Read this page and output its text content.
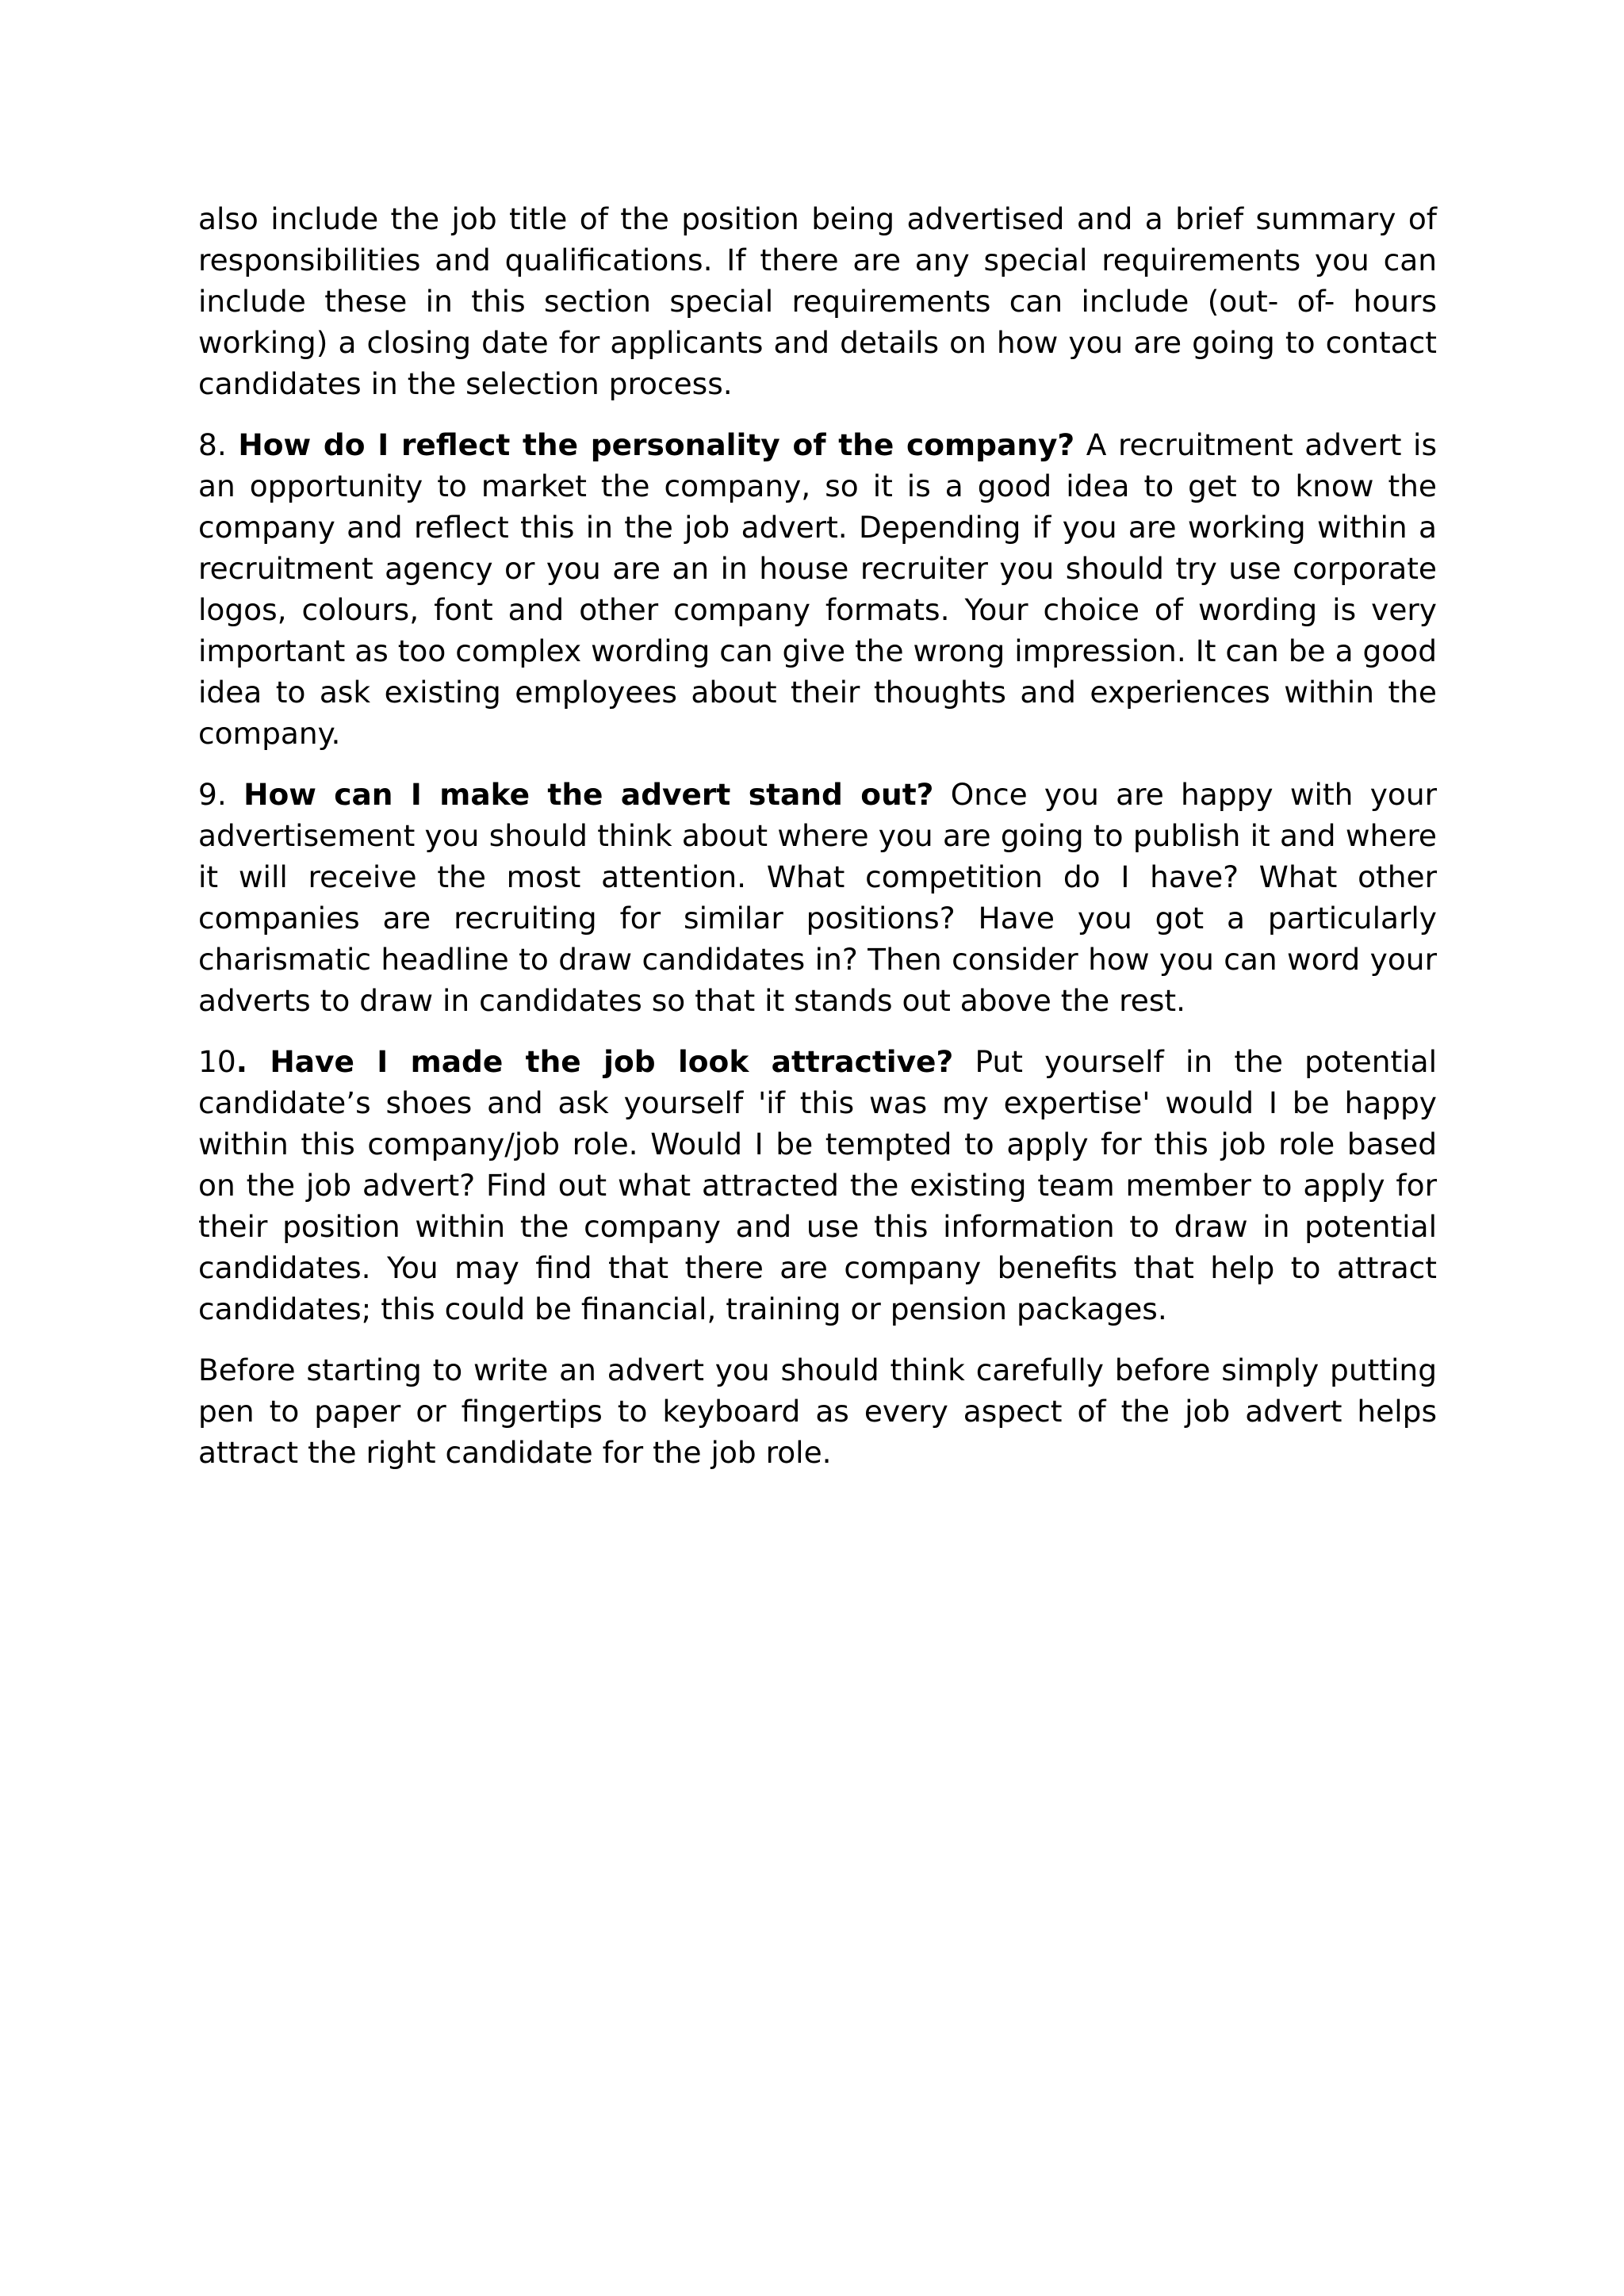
also include the job title of the position being advertised and a brief summary of responsibilities and qualifications. If there are any special requirements you can include these in this section special requirements can include (out- of- hours working) a closing date for applicants and details on how you are going to contact candidates in the selection process.

8. How do I reflect the personality of the company? A recruitment advert is an opportunity to market the company, so it is a good idea to get to know the company and reflect this in the job advert. Depending if you are working within a recruitment agency or you are an in house recruiter you should try use corporate logos, colours, font and other company formats. Your choice of wording is very important as too complex wording can give the wrong impression. It can be a good idea to ask existing employees about their thoughts and experiences within the company.

9. How can I make the advert stand out? Once you are happy with your advertisement you should think about where you are going to publish it and where it will receive the most attention. What competition do I have? What other companies are recruiting for similar positions? Have you got a particularly charismatic headline to draw candidates in? Then consider how you can word your adverts to draw in candidates so that it stands out above the rest.

10. Have I made the job look attractive? Put yourself in the potential candidate’s shoes and ask yourself 'if this was my expertise' would I be happy within this company/job role. Would I be tempted to apply for this job role based on the job advert? Find out what attracted the existing team member to apply for their position within the company and use this information to draw in potential candidates. You may find that there are company benefits that help to attract candidates; this could be financial, training or pension packages.

Before starting to write an advert you should think carefully before simply putting pen to paper or fingertips to keyboard as every aspect of the job advert helps attract the right candidate for the job role.
